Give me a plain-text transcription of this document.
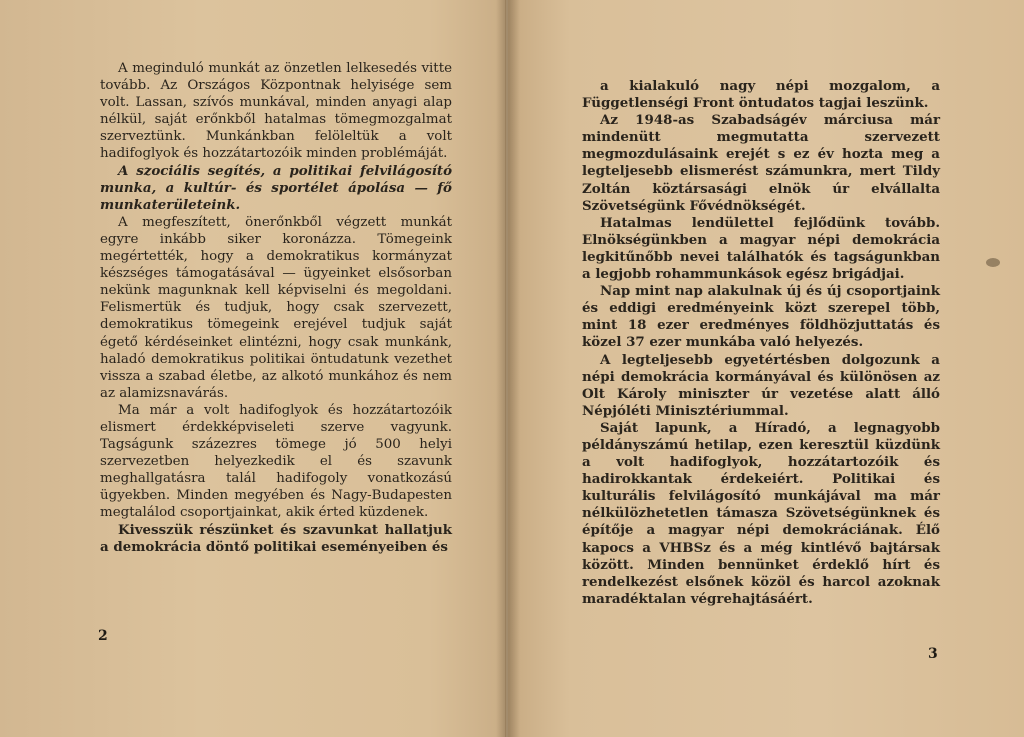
A meginduló munkát az önzetlen lelkesedés vitte tovább. Az Országos Központnak helyisége sem volt. Lassan, szívós munkával, minden anyagi alap nélkül, saját erőnkből hatalmas tömegmozgalmat szerveztünk. Munkánkban felöleltük a volt hadifoglyok és hozzátartozóik minden problémáját.

A szociális segítés, a politikai felvilágosító munka, a kultúr- és sportélet ápolása — fő munkaterületeink.

A megfeszített, önerőnkből végzett munkát egyre inkább siker koronázza. Tömegeink megértették, hogy a demokratikus kormányzat készséges támogatásával — ügyeinket elsősorban nekünk magunknak kell képviselni és megoldani. Felismertük és tudjuk, hogy csak szervezett, demokratikus tömegeink erejével tudjuk saját égető kérdéseinket elintézni, hogy csak munkánk, haladó demokratikus politikai öntudatunk vezethet vissza a szabad életbe, az alkotó munkához és nem az alamizsnavárás.

Ma már a volt hadifoglyok és hozzátartozóik elismert érdekképviseleti szerve vagyunk. Tagságunk százezres tömege jó 500 helyi szervezetben helyezkedik el és szavunk meghallgatásra talál hadifogoly vonatkozású ügyekben. Minden megyében és Nagy-Budapesten megtalálod csoportjainkat, akik érted küzdenek.

Kivesszük részünket és szavunkat hallatjuk a demokrácia döntő politikai eseményeiben és

2

a kialakuló nagy népi mozgalom, a Függetlenségi Front öntudatos tagjai leszünk.

Az 1948-as Szabadságév márciusa már mindenütt megmutatta szervezett megmozdulásaink erejét s ez év hozta meg a legteljesebb elismerést számunkra, mert Tildy Zoltán köztársasági elnök úr elvállalta Szövetségünk Fővédnökségét.

Hatalmas lendülettel fejlődünk tovább. Elnökségünkben a magyar népi demokrácia legkitűnőbb nevei találhatók és tagságunkban a legjobb rohammunkások egész brigádjai.

Nap mint nap alakulnak új és új csoportjaink és eddigi eredményeink közt szerepel több, mint 18 ezer eredményes földhözjuttatás és közel 37 ezer munkába való helyezés.

A legteljesebb egyetértésben dolgozunk a népi demokrácia kormányával és különösen az Olt Károly miniszter úr vezetése alatt álló Népjóléti Minisztériummal.

Saját lapunk, a Híradó, a legnagyobb példányszámú hetilap, ezen keresztül küzdünk a volt hadifoglyok, hozzátartozóik és hadirokkantak érdekeiért. Politikai és kulturális felvilágosító munkájával ma már nélkülözhetetlen támasza Szövetségünknek és építője a magyar népi demokráciának. Élő kapocs a VHBSz és a még kintlévő bajtársak között. Minden bennünket érdeklő hírt és rendelkezést elsőnek közöl és harcol azoknak maradéktalan végrehajtásáért.

3
